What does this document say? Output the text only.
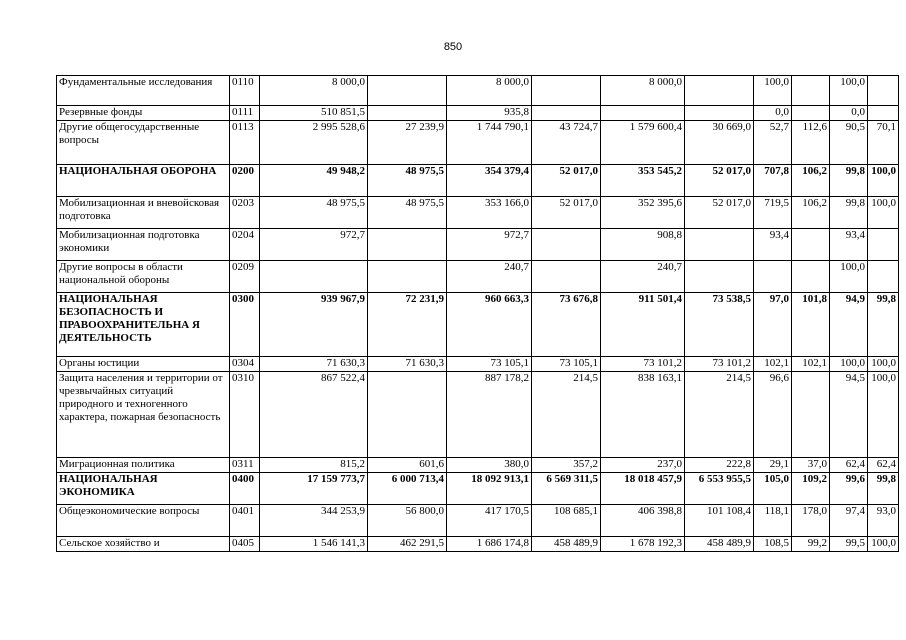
850
Фундаментальные исследования	0110	8 000,0		8 000,0		8 000,0		100,0		100,0	
Резервные фонды	0111	510 851,5		935,8				0,0		0,0	
Другие общегосударственные вопросы	0113	2 995 528,6	27 239,9	1 744 790,1	43 724,7	1 579 600,4	30 669,0	52,7	112,6	90,5	70,1
НАЦИОНАЛЬНАЯ ОБОРОНА	0200	49 948,2	48 975,5	354 379,4	52 017,0	353 545,2	52 017,0	707,8	106,2	99,8	100,0
Мобилизационная и вневойсковая подготовка	0203	48 975,5	48 975,5	353 166,0	52 017,0	352 395,6	52 017,0	719,5	106,2	99,8	100,0
Мобилизационная подготовка экономики	0204	972,7		972,7		908,8		93,4		93,4	
Другие вопросы в области национальной обороны	0209			240,7		240,7				100,0	
НАЦИОНАЛЬНАЯ БЕЗОПАСНОСТЬ И ПРАВООХРАНИТЕЛЬНА Я ДЕЯТЕЛЬНОСТЬ	0300	939 967,9	72 231,9	960 663,3	73 676,8	911 501,4	73 538,5	97,0	101,8	94,9	99,8
Органы юстиции	0304	71 630,3	71 630,3	73 105,1	73 105,1	73 101,2	73 101,2	102,1	102,1	100,0	100,0
Защита населения и территории от чрезвычайных ситуаций природного и техногенного характера, пожарная безопасность	0310	867 522,4		887 178,2	214,5	838 163,1	214,5	96,6		94,5	100,0
Миграционная политика	0311	815,2	601,6	380,0	357,2	237,0	222,8	29,1	37,0	62,4	62,4
НАЦИОНАЛЬНАЯ ЭКОНОМИКА	0400	17 159 773,7	6 000 713,4	18 092 913,1	6 569 311,5	18 018 457,9	6 553 955,5	105,0	109,2	99,6	99,8
Общеэкономические вопросы	0401	344 253,9	56 800,0	417 170,5	108 685,1	406 398,8	101 108,4	118,1	178,0	97,4	93,0
Сельское хозяйство и	0405	1 546 141,3	462 291,5	1 686 174,8	458 489,9	1 678 192,3	458 489,9	108,5	99,2	99,5	100,0
